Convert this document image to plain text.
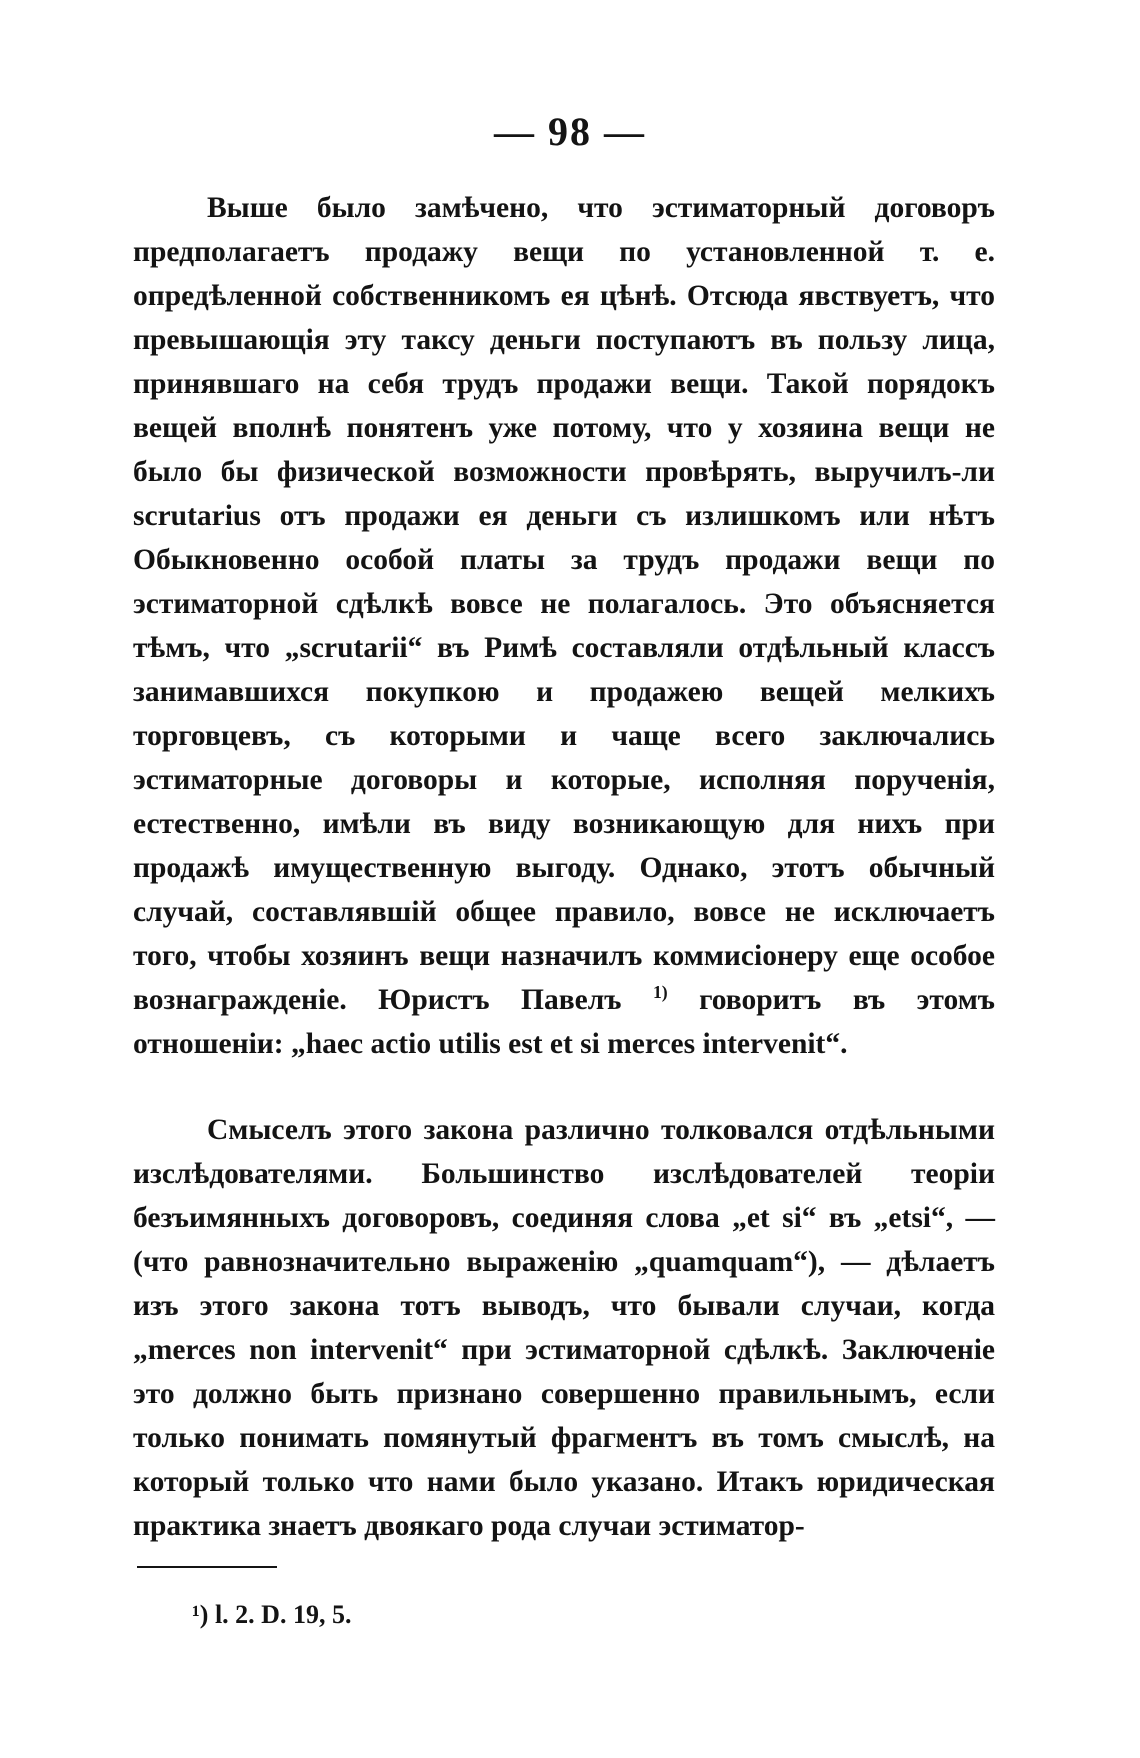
— 98 —

Выше было замѣчено, что эстиматорный договоръ предполагаетъ продажу вещи по установленной т. е. опредѣленной собственникомъ ея цѣнѣ. Отсюда явствуетъ, что превышающія эту таксу деньги поступаютъ въ пользу лица, принявшаго на себя трудъ продажи вещи. Такой порядокъ вещей вполнѣ понятенъ уже потому, что у хозяина вещи не было бы физической возможности провѣрять, выручилъ-ли scrutarius отъ продажи ея деньги съ излишкомъ или нѣтъ Обыкновенно особой платы за трудъ продажи вещи по эстиматорной сдѣлкѣ вовсе не полагалось. Это объясняется тѣмъ, что „scrutarii“ въ Римѣ составляли отдѣльный классъ занимавшихся покупкою и продажею вещей мелкихъ торговцевъ, съ которыми и чаще всего заключались эстиматорные договоры и которые, исполняя порученія, естественно, имѣли въ виду возникающую для нихъ при продажѣ имущественную выгоду. Однако, этотъ обычный случай, составлявшій общее правило, вовсе не исключаетъ того, чтобы хозяинъ вещи назначилъ коммисіонеру еще особое вознагражденіе. Юристъ Павелъ $^{1)}$ говоритъ въ этомъ отношеніи: „haec actio utilis est et si merces intervenit“.

Смыселъ этого закона различно толковался отдѣльными изслѣдователями. Большинство изслѣдователей теоріи безъимянныхъ договоровъ, соединяя слова „et si“ въ „etsi“, — (что равнозначительно выраженію „quamquam“), — дѣлаетъ изъ этого закона тотъ выводъ, что бывали случаи, когда „merces non intervenit“ при эстиматорной сдѣлкѣ. Заключеніе это должно быть признано совершенно правильнымъ, если только понимать помянутый фрагментъ въ томъ смыслѣ, на который только что нами было указано. Итакъ юридическая практика знаетъ двоякаго рода случаи эстиматор-

¹) l. 2. D. 19, 5.
